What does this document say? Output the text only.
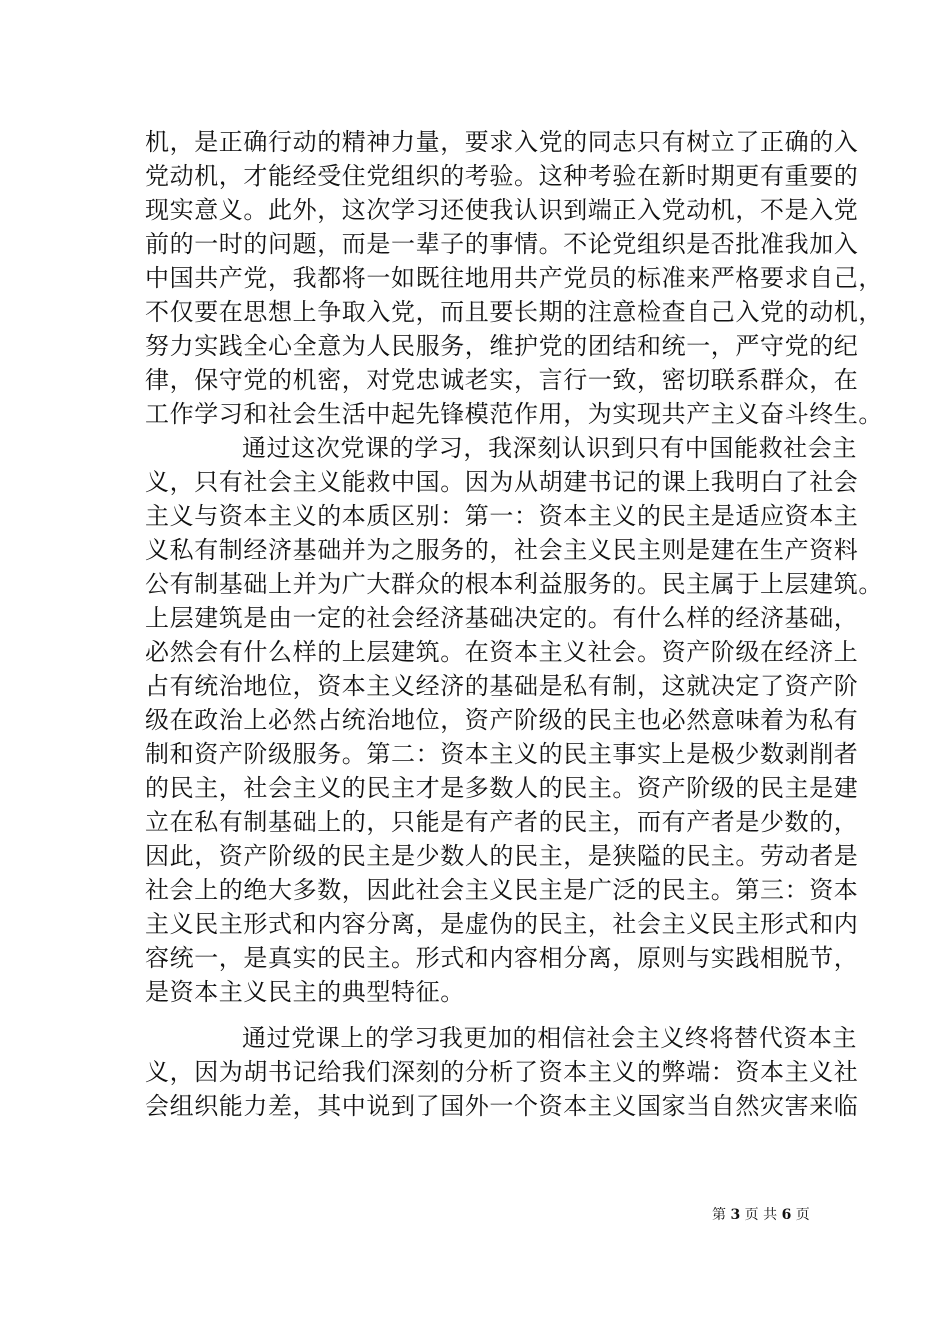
机，是正确行动的精神力量，要求入党的同志只有树立了正确的入
党动机，才能经受住党组织的考验。这种考验在新时期更有重要的
现实意义。此外，这次学习还使我认识到端正入党动机，不是入党
前的一时的问题，而是一辈子的事情。不论党组织是否批准我加入
中国共产党，我都将一如既往地用共产党员的标准来严格要求自己，
不仅要在思想上争取入党，而且要长期的注意检查自己入党的动机，
努力实践全心全意为人民服务，维护党的团结和统一，严守党的纪
律，保守党的机密，对党忠诚老实，言行一致，密切联系群众，在
工作学习和社会生活中起先锋模范作用，为实现共产主义奋斗终生。
通过这次党课的学习，我深刻认识到只有中国能救社会主
义，只有社会主义能救中国。因为从胡建书记的课上我明白了社会
主义与资本主义的本质区别：第一：资本主义的民主是适应资本主
义私有制经济基础并为之服务的，社会主义民主则是建在生产资料
公有制基础上并为广大群众的根本利益服务的。民主属于上层建筑。
上层建筑是由一定的社会经济基础决定的。有什么样的经济基础，
必然会有什么样的上层建筑。在资本主义社会。资产阶级在经济上
占有统治地位，资本主义经济的基础是私有制，这就决定了资产阶
级在政治上必然占统治地位，资产阶级的民主也必然意味着为私有
制和资产阶级服务。第二：资本主义的民主事实上是极少数剥削者
的民主，社会主义的民主才是多数人的民主。资产阶级的民主是建
立在私有制基础上的，只能是有产者的民主，而有产者是少数的，
因此，资产阶级的民主是少数人的民主，是狭隘的民主。劳动者是
社会上的绝大多数，因此社会主义民主是广泛的民主。第三：资本
主义民主形式和内容分离，是虚伪的民主，社会主义民主形式和内
容统一，是真实的民主。形式和内容相分离，原则与实践相脱节，
是资本主义民主的典型特征。
通过党课上的学习我更加的相信社会主义终将替代资本主
义，因为胡书记给我们深刻的分析了资本主义的弊端：资本主义社
会组织能力差，其中说到了国外一个资本主义国家当自然灾害来临
第 3 页 共 6 页
